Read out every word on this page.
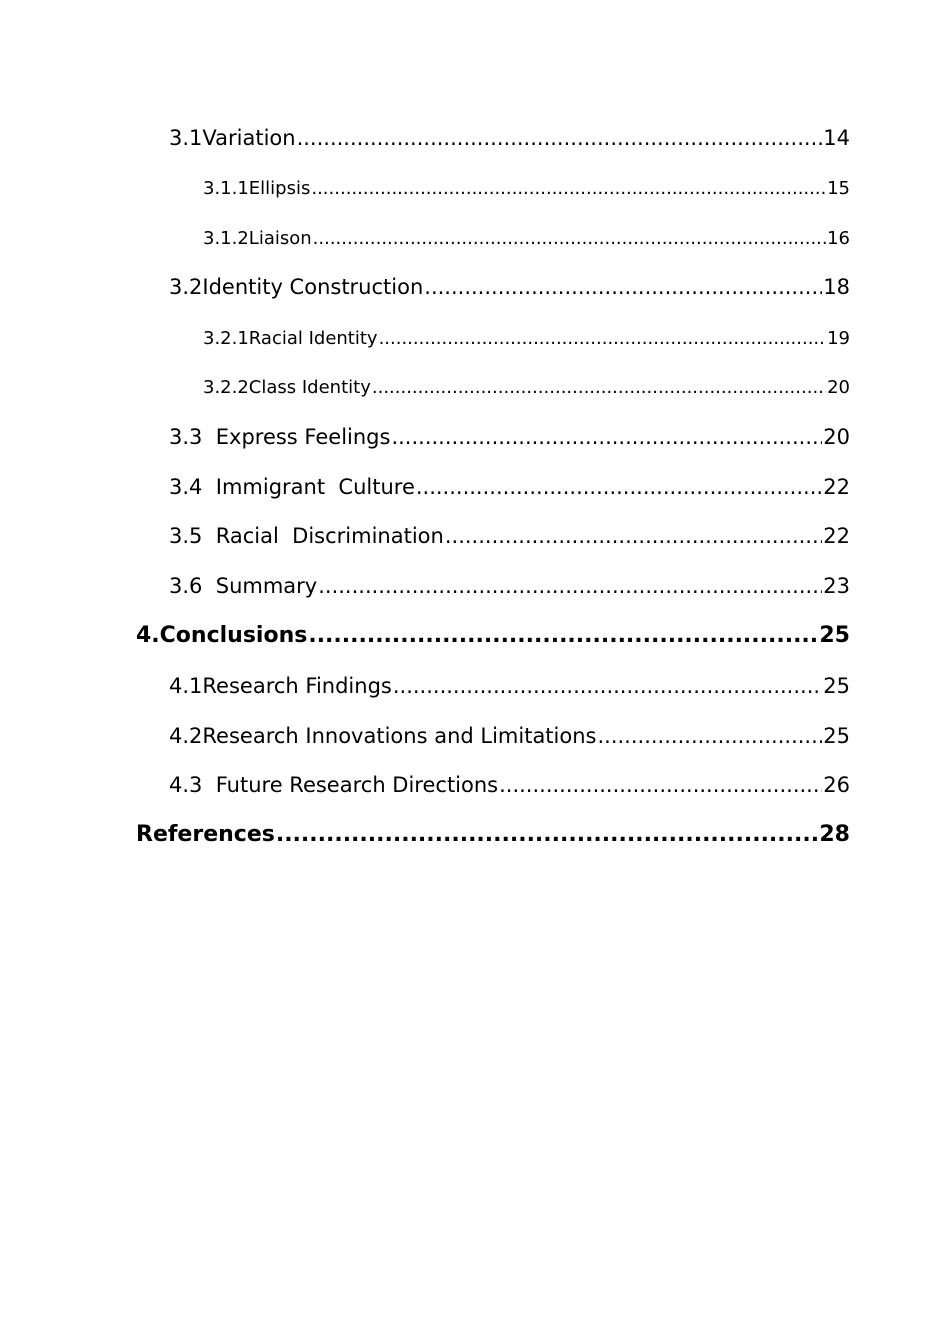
3.1Variation .....	14
3.1.1Ellipsis .....	15
3.1.2Liaison .....	16
3.2Identity Construction .....	18
3.2.1Racial Identity .....	19
3.2.2Class Identity .....	20
3.3  Express Feelings .....	20
3.4  Immigrant  Culture .....	22
3.5  Racial  Discrimination .....	22
3.6  Summary .....	23
4.Conclusions .....	25
4.1Research Findings .....	25
4.2Research Innovations and Limitations .....	25
4.3  Future Research Directions .....	26
References .....	28
